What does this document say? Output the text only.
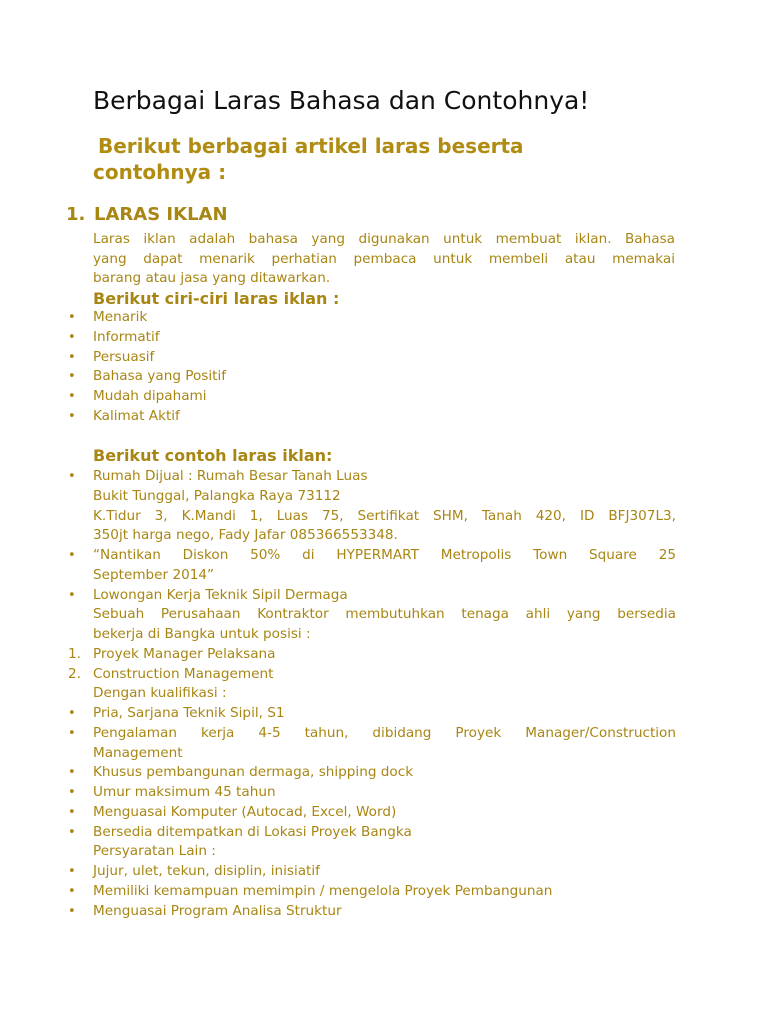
Berbagai Laras Bahasa dan Contohnya!
Berikut berbagai artikel laras beserta
contohnya :
1. LARAS IKLAN
Laras iklan adalah bahasa yang digunakan untuk membuat iklan. Bahasa
yang dapat menarik perhatian pembaca untuk membeli atau memakai
barang atau jasa yang ditawarkan.
Berikut ciri-ciri laras iklan :
•	Menarik
•	Informatif
•	Persuasif
•	Bahasa yang Positif
•	Mudah dipahami
•	Kalimat Aktif
Berikut contoh laras iklan:
•	Rumah Dijual : Rumah Besar Tanah Luas
Bukit Tunggal, Palangka Raya 73112
K.Tidur 3, K.Mandi 1, Luas 75, Sertifikat SHM, Tanah 420, ID BFJ307L3,
350jt harga nego, Fady Jafar 085366553348.
•	“Nantikan Diskon 50% di HYPERMART Metropolis Town Square 25
September 2014”
•	Lowongan Kerja Teknik Sipil Dermaga
Sebuah Perusahaan Kontraktor membutuhkan tenaga ahli yang bersedia
bekerja di Bangka untuk posisi :
1. Proyek Manager Pelaksana
2. Construction Management
Dengan kualifikasi :
•	Pria, Sarjana Teknik Sipil, S1
•	Pengalaman kerja 4-5 tahun, dibidang Proyek Manager/Construction
Management
•	Khusus pembangunan dermaga, shipping dock
•	Umur maksimum 45 tahun
•	Menguasai Komputer (Autocad, Excel, Word)
•	Bersedia ditempatkan di Lokasi Proyek Bangka
Persyaratan Lain :
•	Jujur, ulet, tekun, disiplin, inisiatif
•	Memiliki kemampuan memimpin / mengelola Proyek Pembangunan
•	Menguasai Program Analisa Struktur
